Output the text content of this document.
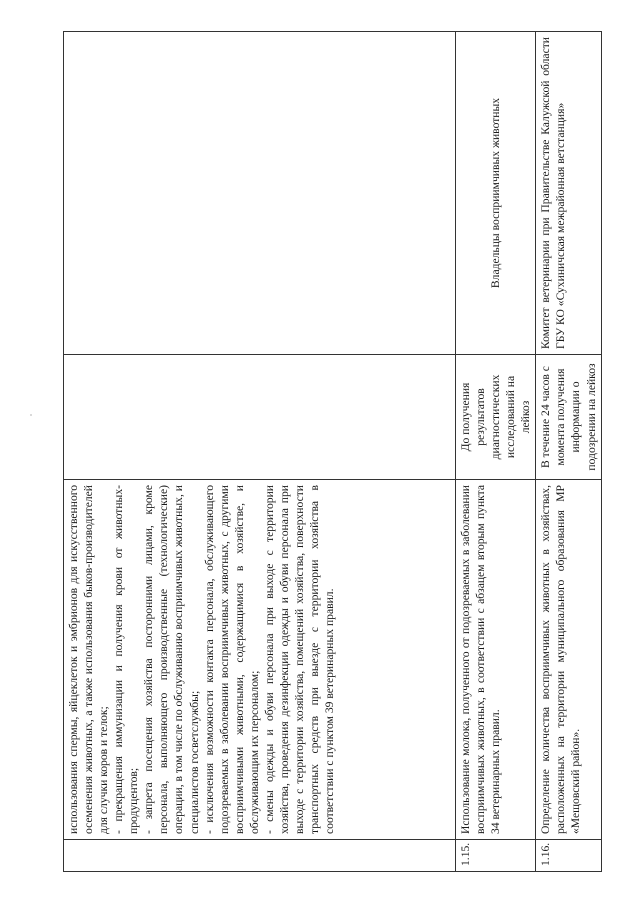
	использования спермы, яйцеклеток и эмбрионов для искусственного осеменения животных, а также использования быков-производителей для случки коров и телок; - прекращения иммунизации и получения крови от животных-продуцентов; - запрета посещения хозяйства посторонними лицами, кроме персонала, выполняющего производственные (технологические) операции, в том числе по обслуживанию восприимчивых животных, и специалистов госветслужбы; - исключения возможности контакта персонала, обслуживающего подозреваемых в заболевании восприимчивых животных, с другими восприимчивыми животными, содержащимися в хозяйстве, и обслуживающим их персоналом; - смены одежды и обуви персонала при выходе с территории хозяйства, проведения дезинфекции одежды и обуви персонала при выходе с территории хозяйства, помещений хозяйства, поверхности транспортных средств при выезде с территории хозяйства в соответствии с пунктом 39 ветеринарных правил.		

1.15.	Использование молока, полученного от подозреваемых в заболевании восприимчивых животных, в соответствии с абзацем вторым пункта 34 ветеринарных правил.	До получения результатов диагностических исследований на лейкоз	Владельцы восприимчивых животных
1.16.	Определение количества восприимчивых животных в хозяйствах, расположенных на территории муниципального образования МР «Мещовский район».	В течение 24 часов с момента получения информации о подозрении на лейкоз	Комитет ветеринарии при Правительстве Калужской области ГБУ КО «Сухиничская межрайонная ветстанция»
